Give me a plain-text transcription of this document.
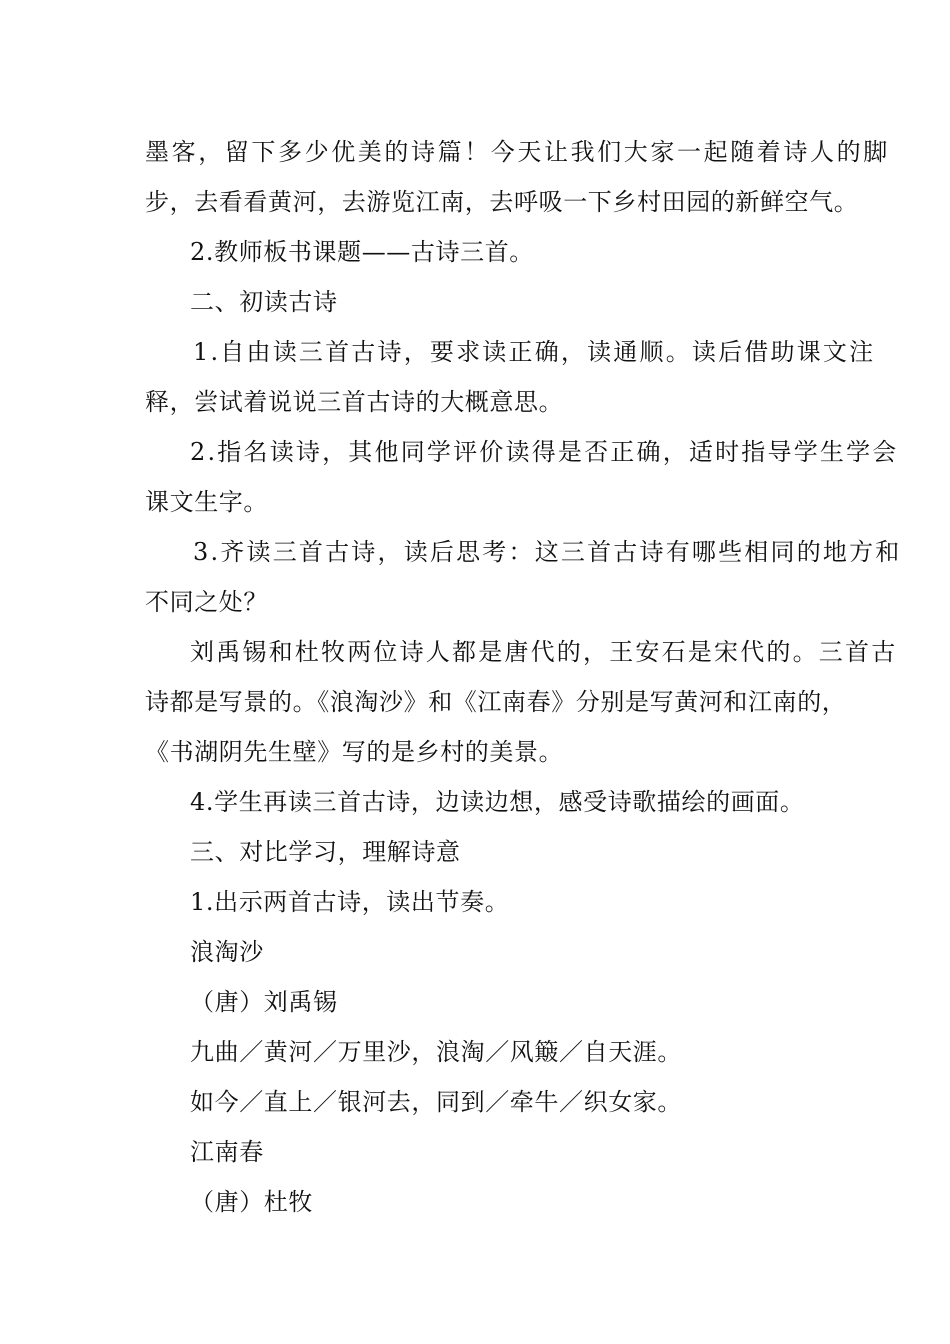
墨客，留下多少优美的诗篇！今天让我们大家一起随着诗人的脚
步，去看看黄河，去游览江南，去呼吸一下乡村田园的新鲜空气。
2.教师板书课题——古诗三首。
二、初读古诗
1.自由读三首古诗，要求读正确，读通顺。读后借助课文注
释，尝试着说说三首古诗的大概意思。
2.指名读诗，其他同学评价读得是否正确，适时指导学生学会
课文生字。
3.齐读三首古诗，读后思考：这三首古诗有哪些相同的地方和
不同之处？
刘禹锡和杜牧两位诗人都是唐代的，王安石是宋代的。三首古
诗都是写景的。《浪淘沙》和《江南春》分别是写黄河和江南的，
《书湖阴先生壁》写的是乡村的美景。
4.学生再读三首古诗，边读边想，感受诗歌描绘的画面。
三、对比学习，理解诗意
1.出示两首古诗，读出节奏。
浪淘沙
（唐）刘禹锡
九曲／黄河／万里沙，浪淘／风簸／自天涯。
如今／直上／银河去，同到／牵牛／织女家。
江南春
（唐）杜牧
